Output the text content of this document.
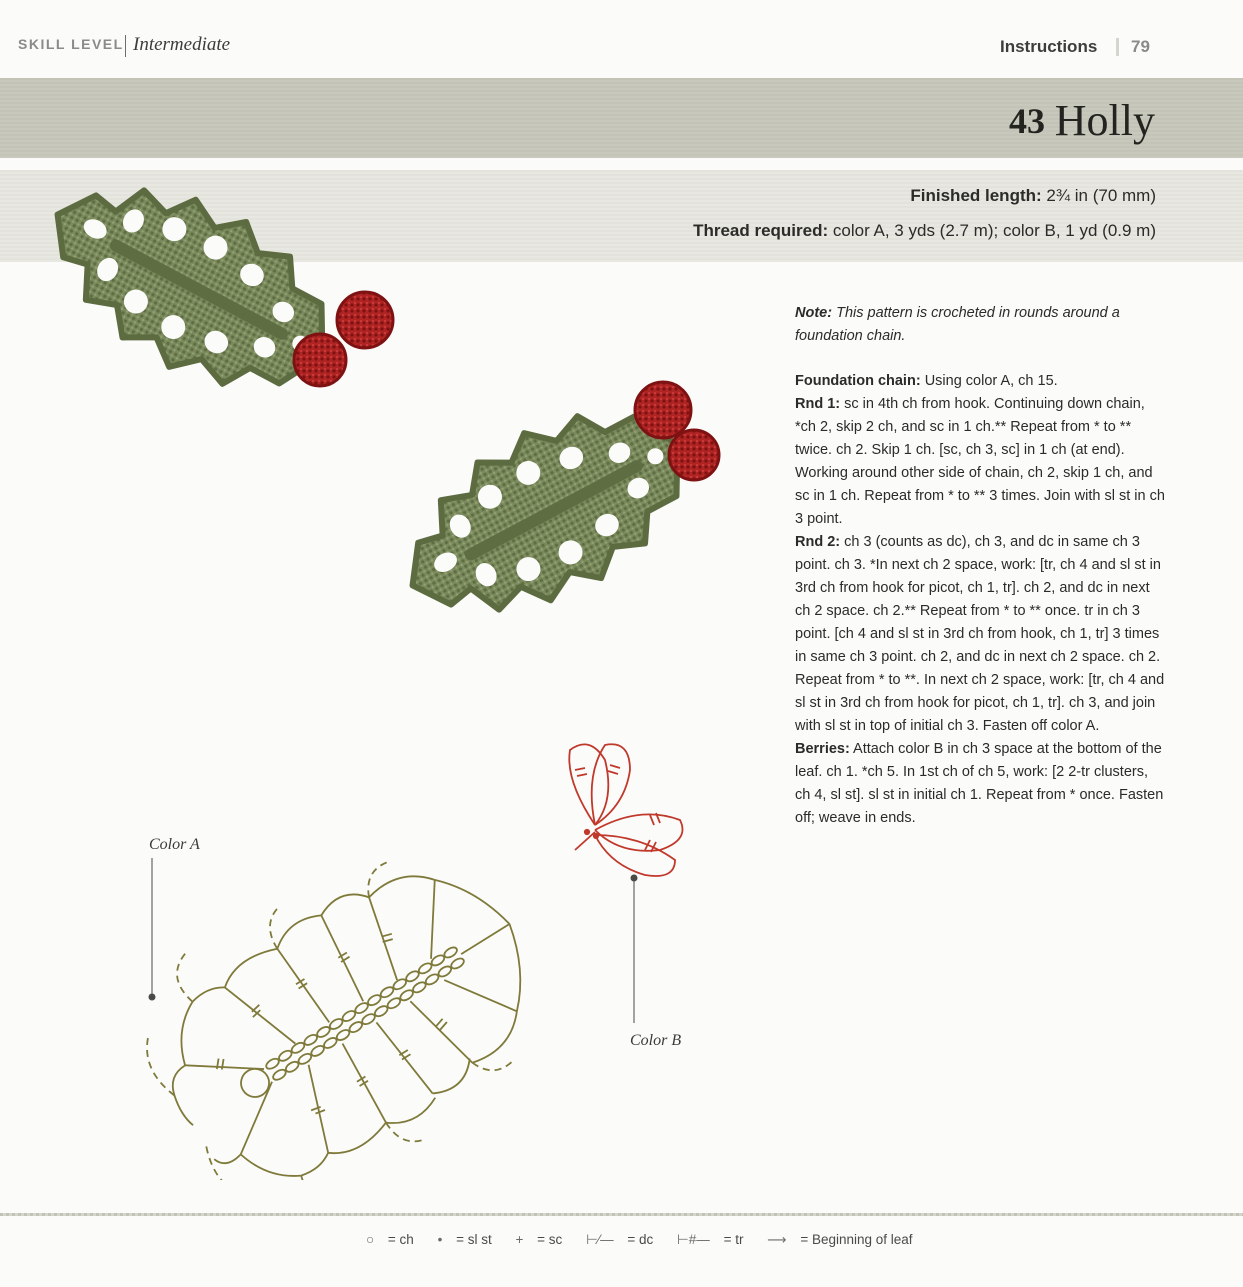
SKILL LEVEL Intermediate	Instructions 79
43 Holly
Finished length: 2¾ in (70 mm)
Thread required: color A, 3 yds (2.7 m); color B, 1 yd (0.9 m)
Note: This pattern is crocheted in rounds around a foundation chain.

Foundation chain: Using color A, ch 15.

Rnd 1: sc in 4th ch from hook. Continuing down chain, *ch 2, skip 2 ch, and sc in 1 ch.** Repeat from * to ** twice. ch 2. Skip 1 ch. [sc, ch 3, sc] in 1 ch (at end). Working around other side of chain, ch 2, skip 1 ch, and sc in 1 ch. Repeat from * to ** 3 times. Join with sl st in ch 3 point.

Rnd 2: ch 3 (counts as dc), ch 3, and dc in same ch 3 point. ch 3. *In next ch 2 space, work: [tr, ch 4 and sl st in 3rd ch from hook for picot, ch 1, tr]. ch 2, and dc in next ch 2 space. ch 2.** Repeat from * to ** once. tr in ch 3 point. [ch 4 and sl st in 3rd ch from hook, ch 1, tr] 3 times in same ch 3 point. ch 2, and dc in next ch 2 space. ch 2. Repeat from * to **. In next ch 2 space, work: [tr, ch 4 and sl st in 3rd ch from hook for picot, ch 1, tr]. ch 3, and join with sl st in top of initial ch 3. Fasten off color A.

Berries: Attach color B in ch 3 space at the bottom of the leaf. ch 1. *ch 5. In 1st ch of ch 5, work: [2 2-tr clusters, ch 4, sl st]. sl st in initial ch 1. Repeat from * once. Fasten off; weave in ends.

Color A
Color B
○ = ch • = sl st + = sc ⊢⁄— = dc ⊢#— = tr ⟶ = Beginning of leaf
